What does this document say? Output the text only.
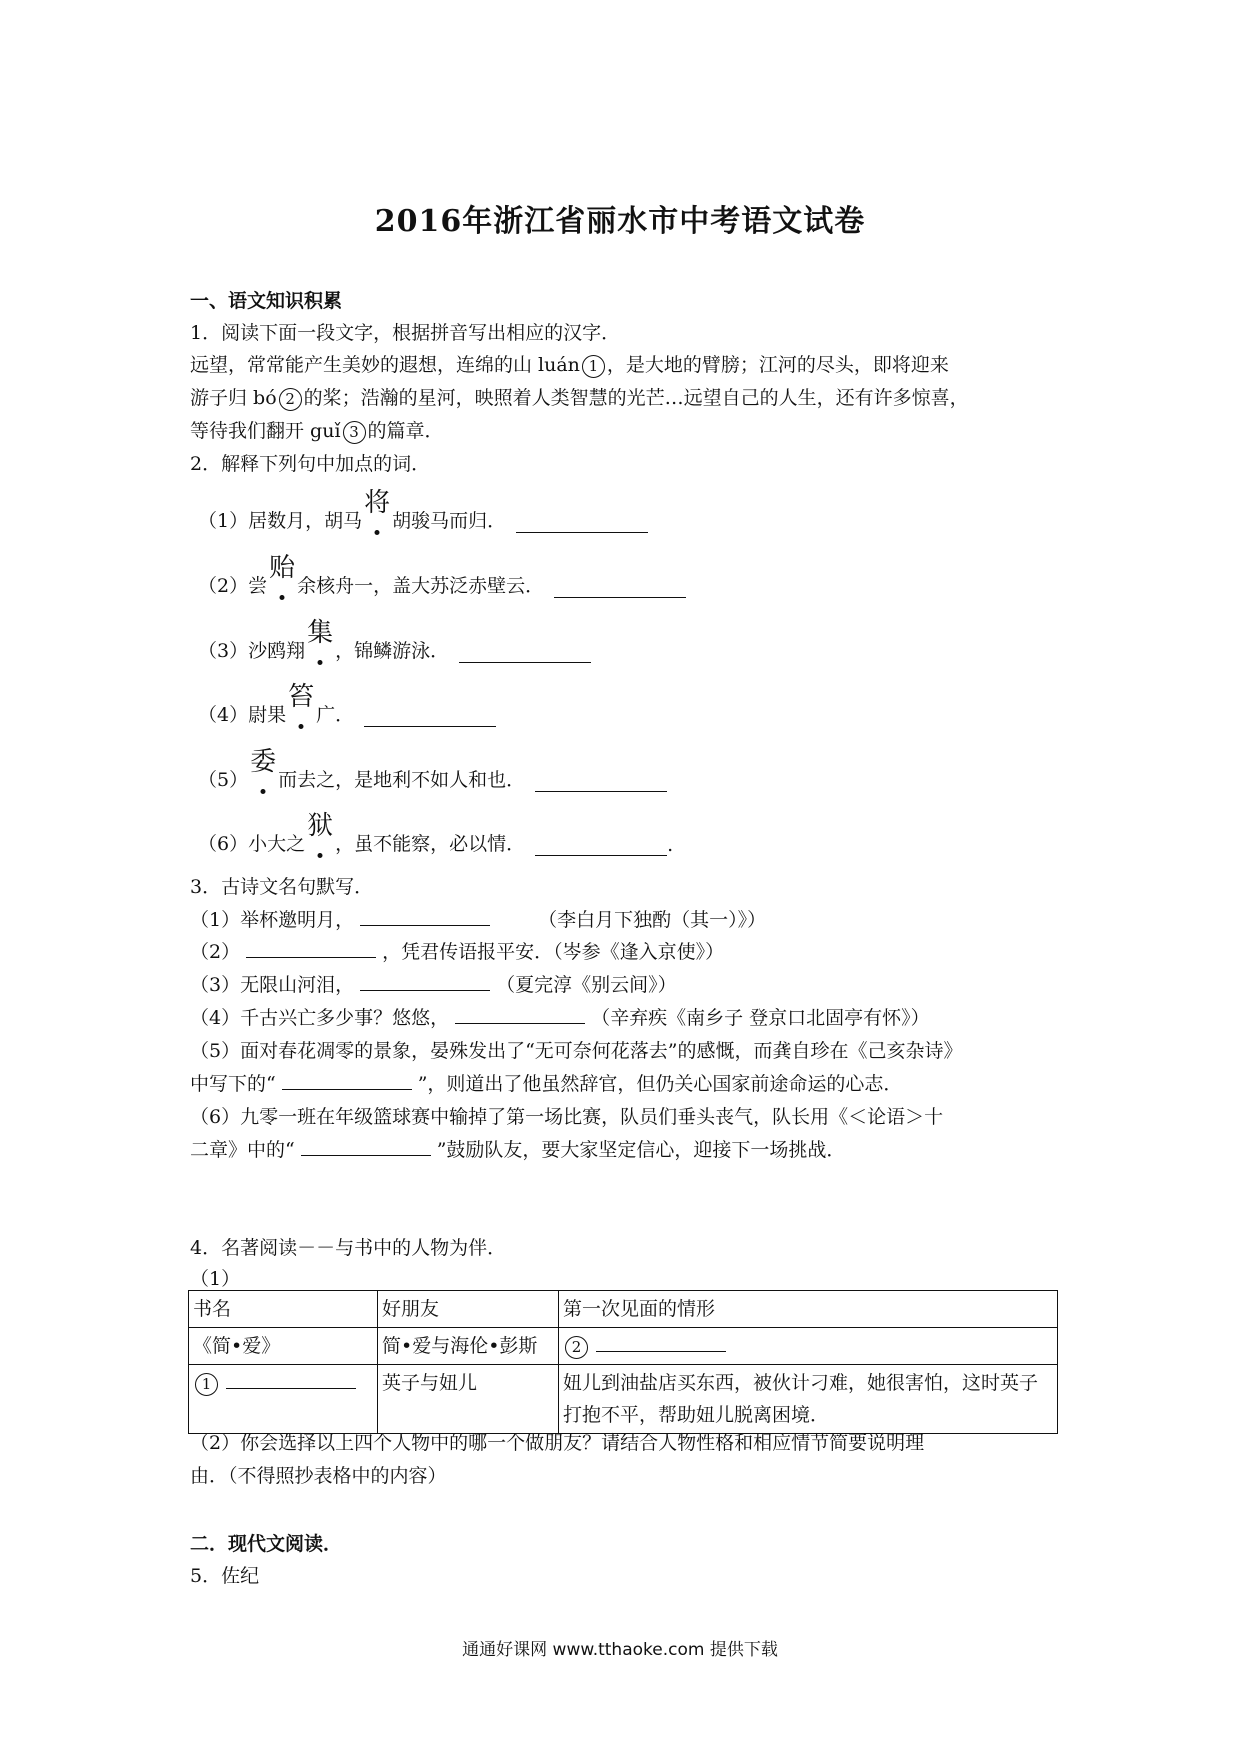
2016年浙江省丽水市中考语文试卷
一、语文知识积累
1．阅读下面一段文字，根据拼音写出相应的汉字．
远望，常常能产生美妙的遐想，连绵的山 luán 1 ，是大地的臂膀；江河的尽头，即将迎来
游子归 bó 2 的桨；浩瀚的星河，映照着人类智慧的光芒…远望自己的人生，还有许多惊喜，
等待我们翻开 guǐ 3 的篇章．
2．解释下列句中加点的词．
（1）居数月，胡马
将
胡骏马而归．
（2）尝
贻
余核舟一，盖大苏泛赤壁云．
（3）沙鸥翔
集
，锦鳞游泳．
（4）尉果
笞
广．
（5）
委
而去之，是地利不如人和也．
（6）小大之
狱
，虽不能察，必以情．	.
3．古诗文名句默写．
（1）举杯邀明月，	（李白月下独酌（其一）》）
（2）	，凭君传语报平安．（岑参《逢入京使》）
（3）无限山河泪，	（夏完淳《别云间》）
（4）千古兴亡多少事？悠悠，	（辛弃疾《南乡子 登京口北固亭有怀》）
（5）面对春花凋零的景象，晏殊发出了“无可奈何花落去”的感慨，而龚自珍在《己亥杂诗》
中写下的“	”，则道出了他虽然辞官，但仍关心国家前途命运的心志．
（6）九零一班在年级篮球赛中输掉了第一场比赛，队员们垂头丧气，队长用《＜论语＞十
二章》中的“	”鼓励队友，要大家坚定信心，迎接下一场挑战．
4．名著阅读－－与书中的人物为伴．
（1）
书名	好朋友	第一次见面的情形
《简•爱》	简•爱与海伦•彭斯	2
1	英子与妞儿	妞儿到油盐店买东西，被伙计刁难，她很害怕，这时英子打抱不平，帮助妞儿脱离困境．
（2）你会选择以上四个人物中的哪一个做朋友？请结合人物性格和相应情节简要说明理
由．（不得照抄表格中的内容）
二．现代文阅读．
5．佐纪
通通好课网 www.tthaoke.com 提供下载
